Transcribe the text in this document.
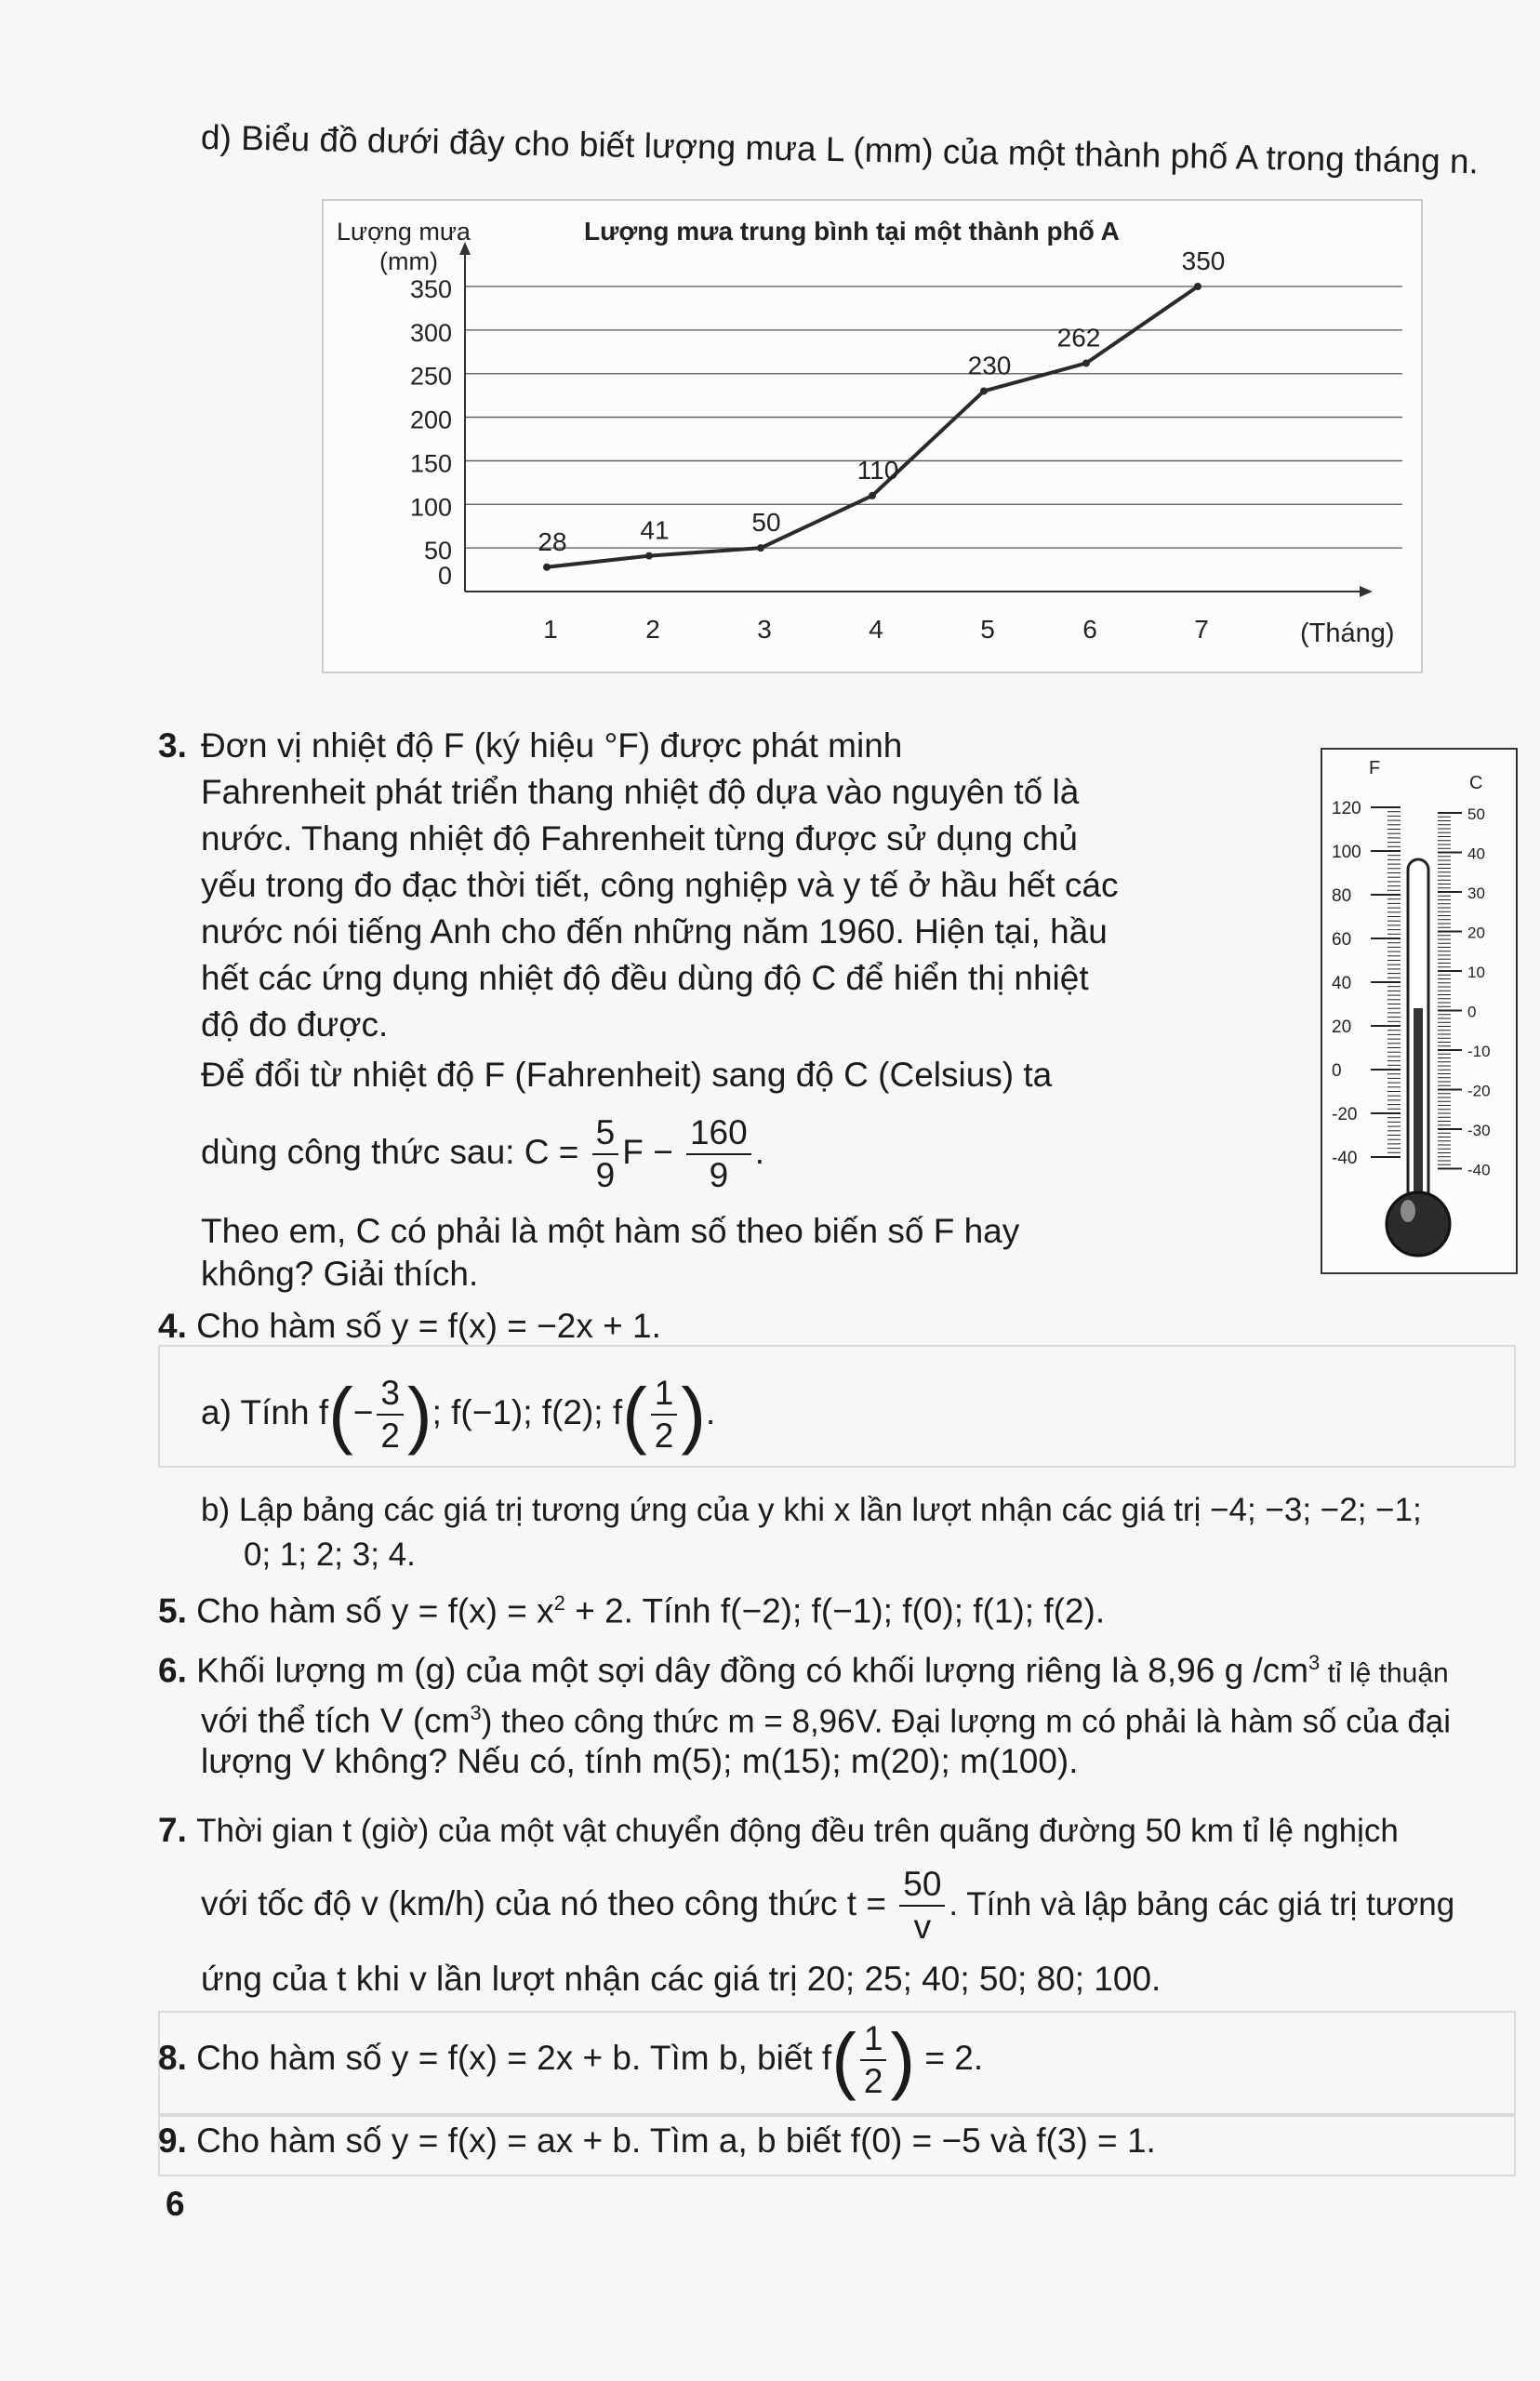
d) Biểu đồ dưới đây cho biết lượng mưa L (mm) của một thành phố A trong tháng n.
0
50
100
150
200
250
300
350
1	2	3	4	5	6	7
Lượng mưa
(mm)
Lượng mưa trung bình tại một thành phố A
(Tháng)
28	41	50
110
230
262
350
3. Đơn vị nhiệt độ F (ký hiệu °F) được phát minh
Fahrenheit phát triển thang nhiệt độ dựa vào nguyên tố là
nước. Thang nhiệt độ Fahrenheit từng được sử dụng chủ
yếu trong đo đạc thời tiết, công nghiệp và y tế ở hầu hết các
nước nói tiếng Anh cho đến những năm 1960. Hiện tại, hầu
hết các ứng dụng nhiệt độ đều dùng độ C để hiển thị nhiệt
độ đo được.
Để đổi từ nhiệt độ F (Fahrenheit) sang độ C (Celsius) ta
dùng công thức sau: $C = \frac{5}{9}$ $F - \frac{160}{9}$ .
Theo em, C có phải là một hàm số theo biến số F hay
không? Giải thích.
F
C
120
100
80
60
40
20
0
-20
-40
50
40
30
20
10
0
-10
-20
-30
-40
4. Cho hàm số y = f(x) = −2x + 1.
a) Tính $f(- \frac{3}{2}$ ); f(−1); f(2); $f( \frac{1}{2}$ ).
b) Lập bảng các giá trị tương ứng của y khi x lần lượt nhận các giá trị −4; −3; −2; −1;
0; 1; 2; 3; 4.
5. Cho hàm số $y = f(x) = x^2 + 2$. Tính f(−2); f(−1); f(0); f(1); f(2).
6. Khối lượng m (g) của một sợi dây đồng có khối lượng riêng là 8,96 g $/cm^3$ tỉ lệ thuận
với thể tích V $(cm^3)$ theo công thức m = 8,96V. Đại lượng m có phải là hàm số của đại
lượng V không? Nếu có, tính m(5); m(15); m(20); m(100).
7. Thời gian t (giờ) của một vật chuyển động đều trên quãng đường 50 km tỉ lệ nghịch
với tốc độ v (km/h) của nó theo công thức $t = \frac{50}{v}$ . Tính và lập bảng các giá trị tương
ứng của t khi v lần lượt nhận các giá trị 20; 25; 40; 50; 80; 100.
8. Cho hàm số y = f(x) = 2x + b. Tìm b, biết $f( \frac{1}{2}$ ) = 2.
9. Cho hàm số y = f(x) = ax + b. Tìm a, b biết f(0) = −5 và f(3) = 1.
6
